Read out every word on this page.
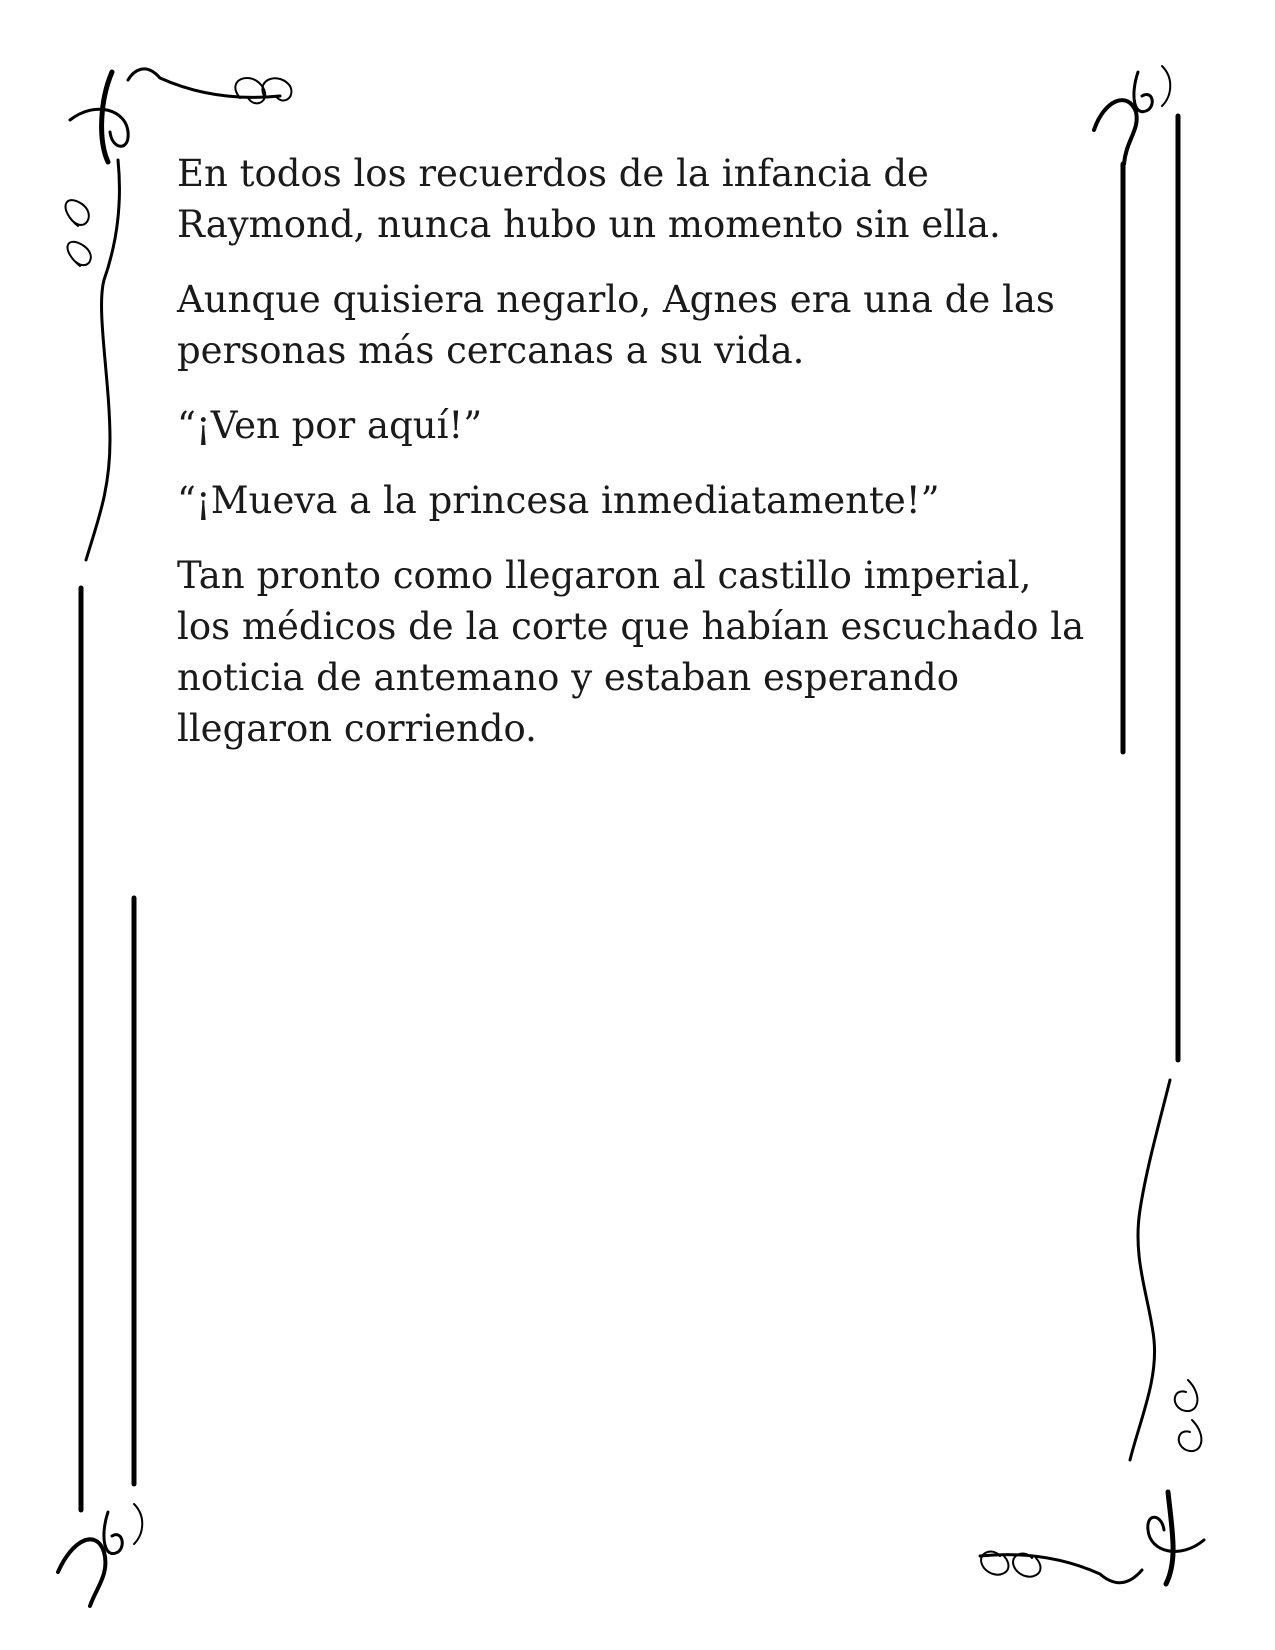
En todos los recuerdos de la infancia de
Raymond, nunca hubo un momento sin ella.

Aunque quisiera negarlo, Agnes era una de las
personas más cercanas a su vida.

“¡Ven por aquí!”

“¡Mueva a la princesa inmediatamente!”

Tan pronto como llegaron al castillo imperial,
los médicos de la corte que habían escuchado la
noticia de antemano y estaban esperando
llegaron corriendo.
